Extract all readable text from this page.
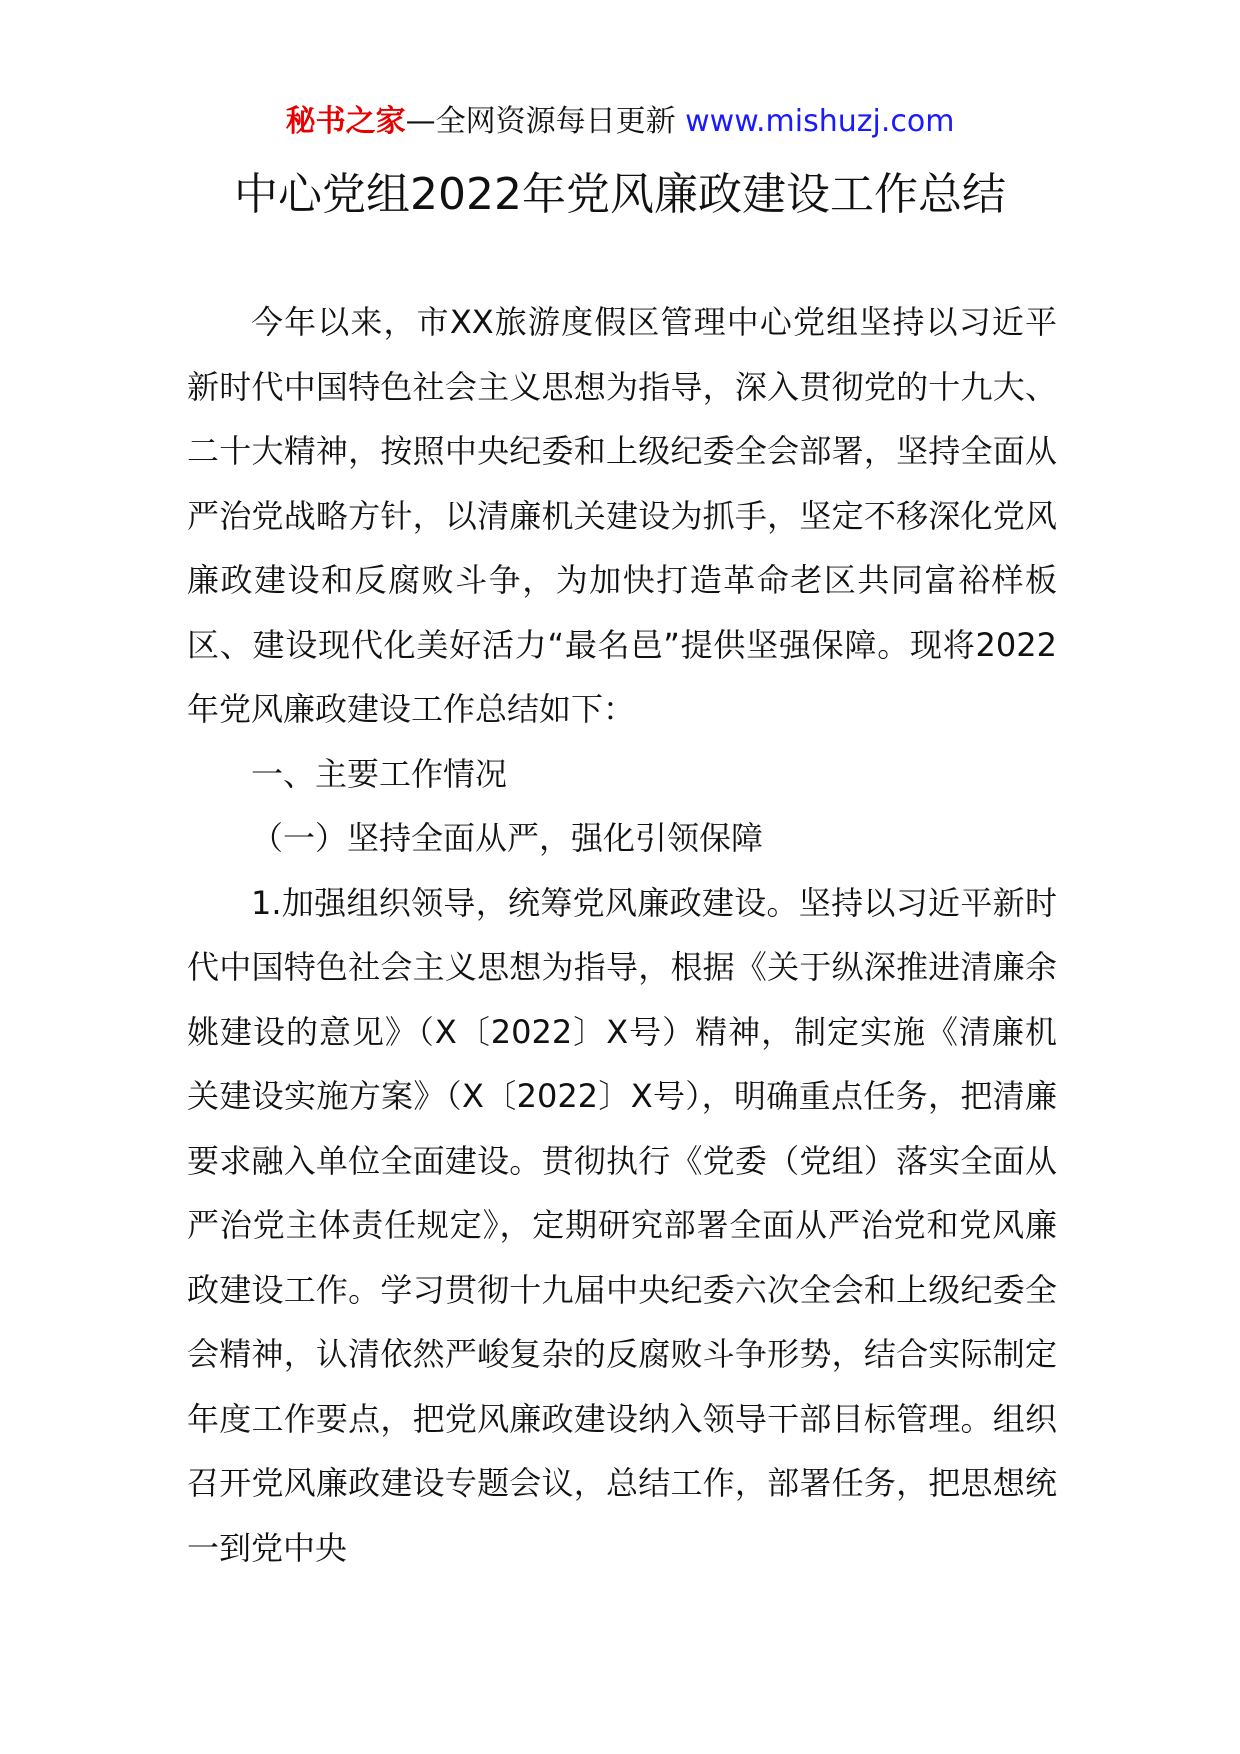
秘书之家—全网资源每日更新 www.mishuzj.com
中心党组2022年党风廉政建设工作总结

今年以来，市XX旅游度假区管理中心党组坚持以习近平新时代中国特色社会主义思想为指导，深入贯彻党的十九大、二十大精神，按照中央纪委和上级纪委全会部署，坚持全面从严治党战略方针，以清廉机关建设为抓手，坚定不移深化党风廉政建设和反腐败斗争，为加快打造革命老区共同富裕样板区、建设现代化美好活力“最名邑”提供坚强保障。现将2022年党风廉政建设工作总结如下：

一、主要工作情况

（一）坚持全面从严，强化引领保障

1.加强组织领导，统筹党风廉政建设。坚持以习近平新时代中国特色社会主义思想为指导，根据《关于纵深推进清廉余姚建设的意见》（X〔2022〕X号）精神，制定实施《清廉机关建设实施方案》（X〔2022〕X号），明确重点任务，把清廉要求融入单位全面建设。贯彻执行《党委（党组）落实全面从严治党主体责任规定》，定期研究部署全面从严治党和党风廉政建设工作。学习贯彻十九届中央纪委六次全会和上级纪委全会精神，认清依然严峻复杂的反腐败斗争形势，结合实际制定年度工作要点，把党风廉政建设纳入领导干部目标管理。组织召开党风廉政建设专题会议，总结工作，部署任务，把思想统一到党中央
